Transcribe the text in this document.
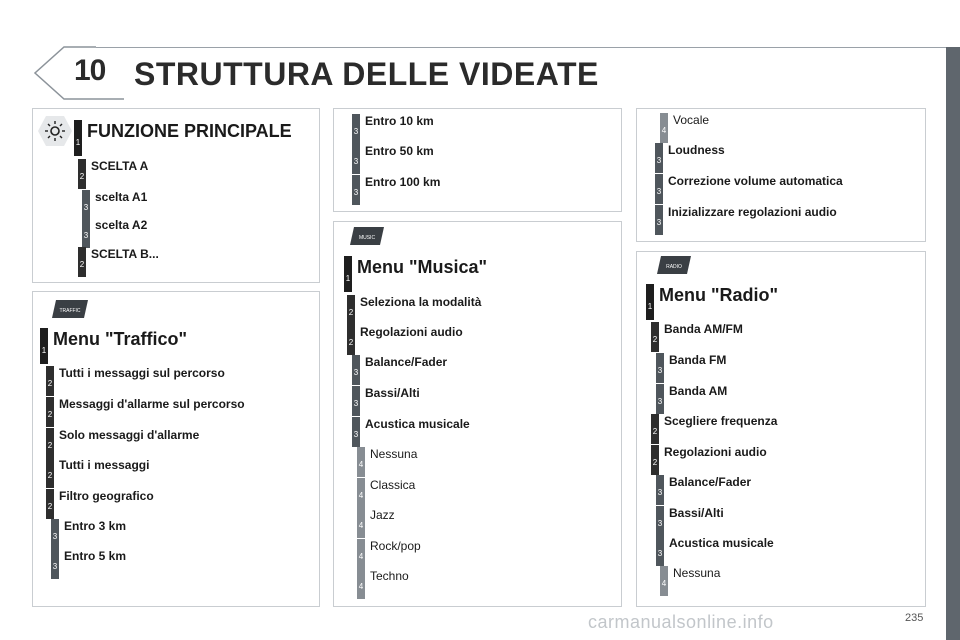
10 STRUTTURA DELLE VIDEATE
1
FUNZIONE PRINCIPALE
2
SCELTA A
3
scelta A1
3
scelta A2
2
SCELTA B...
TRAFFIC
1
Menu "Traffico"
2
Tutti i messaggi sul percorso
2
Messaggi d'allarme sul percorso
2
Solo messaggi d'allarme
2
Tutti i messaggi
2
Filtro geografico
3
Entro 3 km
3
Entro 5 km
3
Entro 10 km
3
Entro 50 km
3
Entro 100 km
MUSIC
1
Menu "Musica"
2
Seleziona la modalità
2
Regolazioni audio
3
Balance/Fader
3
Bassi/Alti
3
Acustica musicale
4
Nessuna
4
Classica
4
Jazz
4
Rock/pop
4
Techno
4
Vocale
3
Loudness
3
Correzione volume automatica
3
Inizializzare regolazioni audio
RADIO
1
Menu "Radio"
2
Banda AM/FM
3
Banda FM
3
Banda AM
2
Scegliere frequenza
2
Regolazioni audio
3
Balance/Fader
3
Bassi/Alti
3
Acustica musicale
4
Nessuna
carmanualsonline.info	235
